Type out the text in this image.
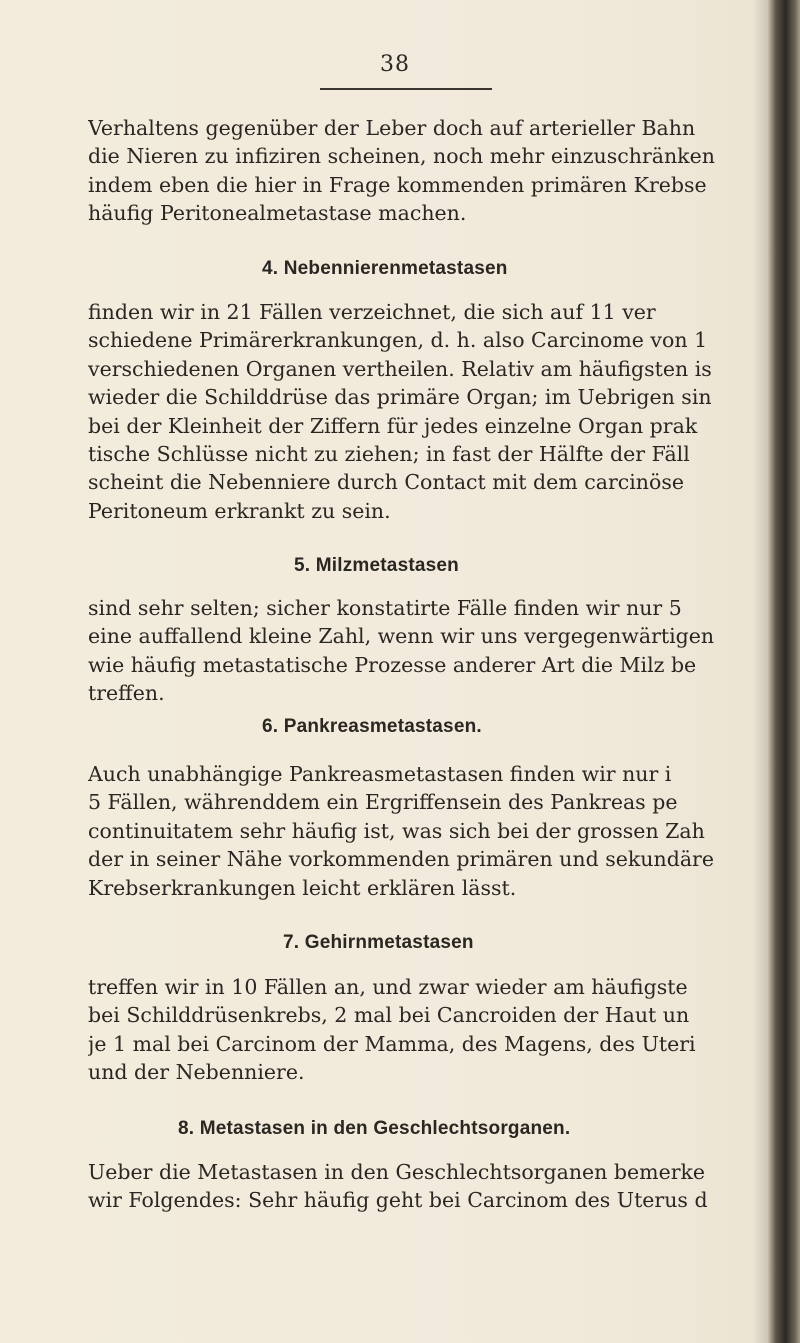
38
Verhaltens gegenüber der Leber doch auf arterieller Bahn
die Nieren zu infiziren scheinen, noch mehr einzuschränken
indem eben die hier in Frage kommenden primären Krebse
häufig Peritonealmetastase machen.
4. Nebennierenmetastasen
finden wir in 21 Fällen verzeichnet, die sich auf 11 ver
schiedene Primärerkrankungen, d. h. also Carcinome von 1
verschiedenen Organen vertheilen. Relativ am häufigsten is
wieder die Schilddrüse das primäre Organ; im Uebrigen sin
bei der Kleinheit der Ziffern für jedes einzelne Organ prak
tische Schlüsse nicht zu ziehen; in fast der Hälfte der Fäll
scheint die Nebenniere durch Contact mit dem carcinöse
Peritoneum erkrankt zu sein.
5. Milzmetastasen
sind sehr selten; sicher konstatirte Fälle finden wir nur 5
eine auffallend kleine Zahl, wenn wir uns vergegenwärtigen
wie häufig metastatische Prozesse anderer Art die Milz be
treffen.
6. Pankreasmetastasen.
Auch unabhängige Pankreasmetastasen finden wir nur i
5 Fällen, währenddem ein Ergriffensein des Pankreas pe
continuitatem sehr häufig ist, was sich bei der grossen Zah
der in seiner Nähe vorkommenden primären und sekundäre
Krebserkrankungen leicht erklären lässt.
7. Gehirnmetastasen
treffen wir in 10 Fällen an, und zwar wieder am häufigste
bei Schilddrüsenkrebs, 2 mal bei Cancroiden der Haut un
je 1 mal bei Carcinom der Mamma, des Magens, des Uteri
und der Nebenniere.
8. Metastasen in den Geschlechtsorganen.
Ueber die Metastasen in den Geschlechtsorganen bemerke
wir Folgendes: Sehr häufig geht bei Carcinom des Uterus d
